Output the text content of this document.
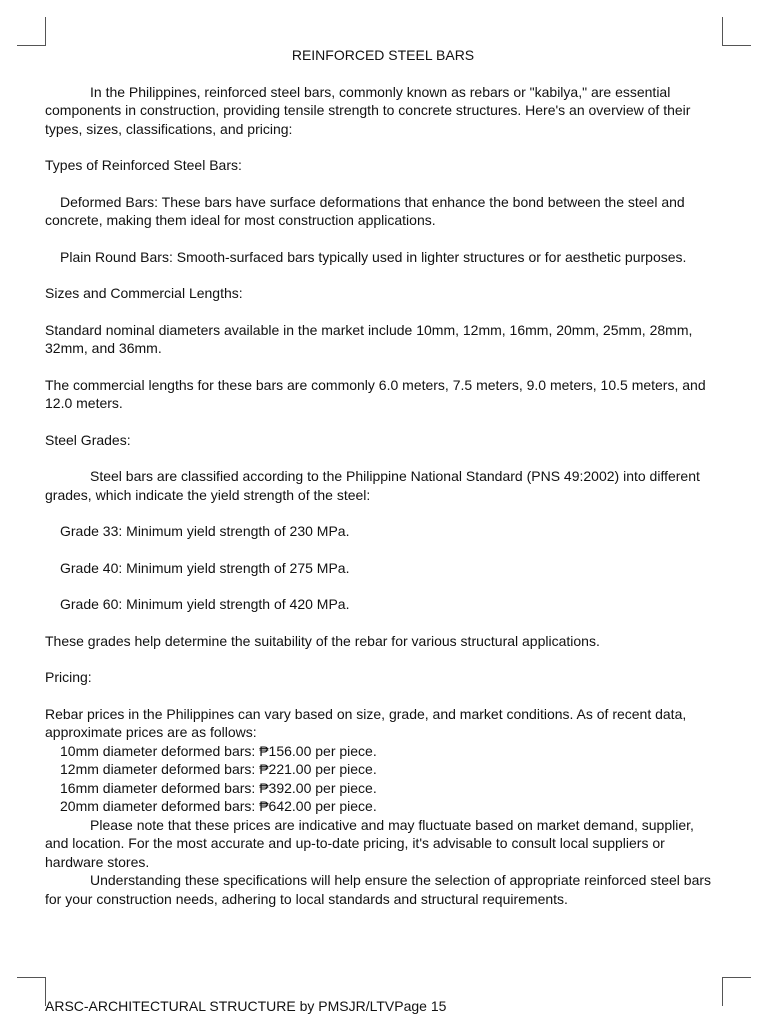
REINFORCED STEEL BARS

In the Philippines, reinforced steel bars, commonly known as rebars or "kabilya," are essential components in construction, providing tensile strength to concrete structures. Here's an overview of their types, sizes, classifications, and pricing:

Types of Reinforced Steel Bars:

Deformed Bars: These bars have surface deformations that enhance the bond between the steel and concrete, making them ideal for most construction applications.

Plain Round Bars: Smooth-surfaced bars typically used in lighter structures or for aesthetic purposes.

Sizes and Commercial Lengths:

Standard nominal diameters available in the market include 10mm, 12mm, 16mm, 20mm, 25mm, 28mm, 32mm, and 36mm.

The commercial lengths for these bars are commonly 6.0 meters, 7.5 meters, 9.0 meters, 10.5 meters, and 12.0 meters.

Steel Grades:

Steel bars are classified according to the Philippine National Standard (PNS 49:2002) into different grades, which indicate the yield strength of the steel:

Grade 33: Minimum yield strength of 230 MPa.

Grade 40: Minimum yield strength of 275 MPa.

Grade 60: Minimum yield strength of 420 MPa.

These grades help determine the suitability of the rebar for various structural applications.

Pricing:

Rebar prices in the Philippines can vary based on size, grade, and market conditions. As of recent data, approximate prices are as follows:

10mm diameter deformed bars: ₱156.00 per piece.

12mm diameter deformed bars: ₱221.00 per piece.

16mm diameter deformed bars: ₱392.00 per piece.

20mm diameter deformed bars: ₱642.00 per piece.

Please note that these prices are indicative and may fluctuate based on market demand, supplier, and location. For the most accurate and up-to-date pricing, it's advisable to consult local suppliers or hardware stores.

Understanding these specifications will help ensure the selection of appropriate reinforced steel bars for your construction needs, adhering to local standards and structural requirements.

ARSC-ARCHITECTURAL STRUCTURE by PMSJR/LTVPage 15
